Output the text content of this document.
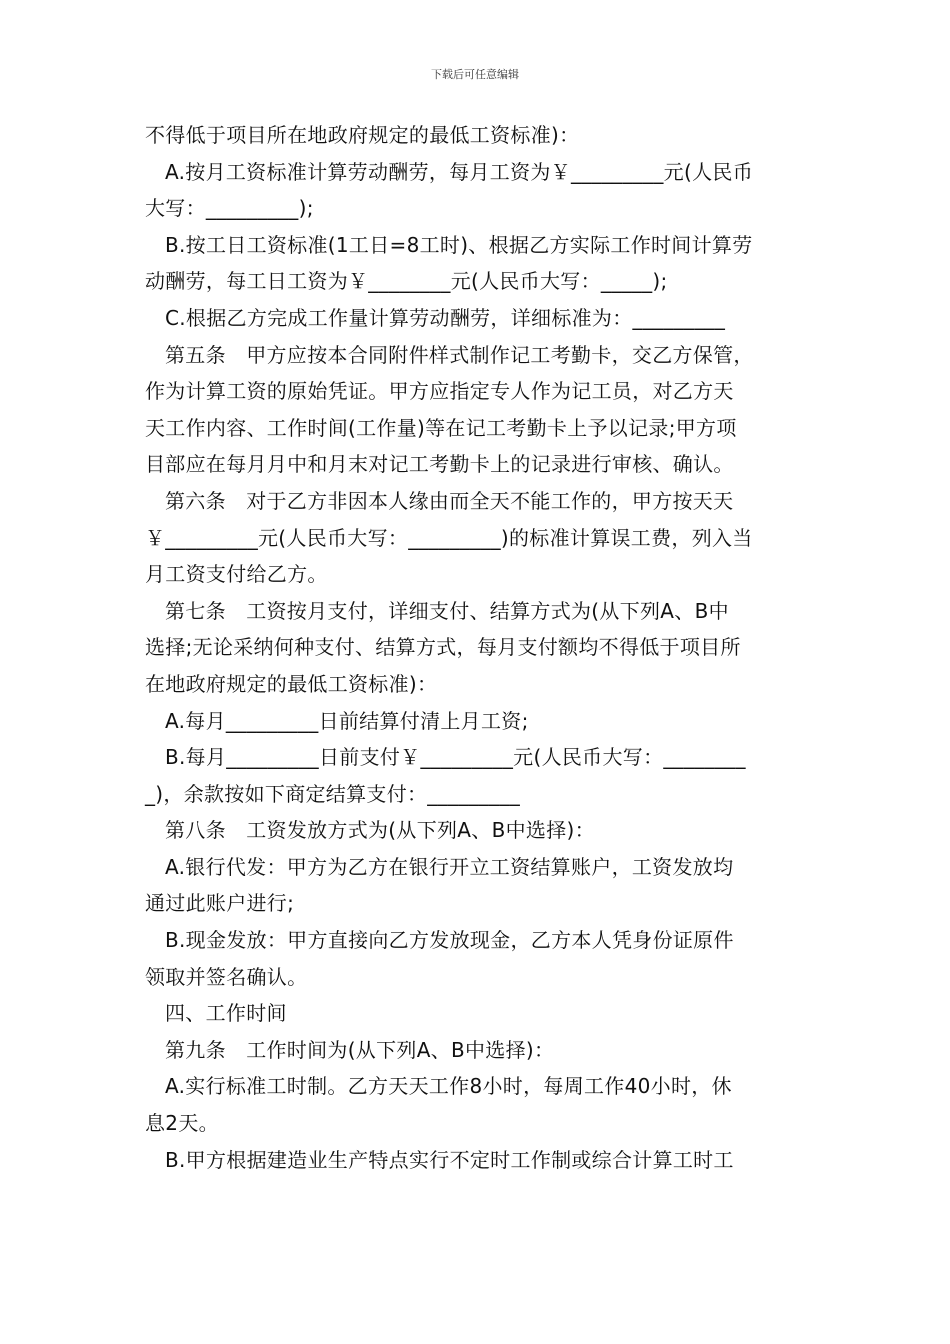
下载后可任意编辑
不得低于项目所在地政府规定的最低工资标准)：
A.按月工资标准计算劳动酬劳，每月工资为￥_________元(人民币
大写：_________);
B.按工日工资标准(1工日=8工时)、根据乙方实际工作时间计算劳
动酬劳，每工日工资为￥________元(人民币大写：_____);
C.根据乙方完成工作量计算劳动酬劳，详细标准为：_________
第五条　甲方应按本合同附件样式制作记工考勤卡，交乙方保管，
作为计算工资的原始凭证。甲方应指定专人作为记工员，对乙方天
天工作内容、工作时间(工作量)等在记工考勤卡上予以记录;甲方项
目部应在每月月中和月末对记工考勤卡上的记录进行审核、确认。
第六条　对于乙方非因本人缘由而全天不能工作的，甲方按天天
￥_________元(人民币大写：_________)的标准计算误工费，列入当
月工资支付给乙方。
第七条　工资按月支付，详细支付、结算方式为(从下列A、B中
选择;无论采纳何种支付、结算方式，每月支付额均不得低于项目所
在地政府规定的最低工资标准)：
A.每月_________日前结算付清上月工资;
B.每月_________日前支付￥_________元(人民币大写：________
_)，余款按如下商定结算支付：_________
第八条　工资发放方式为(从下列A、B中选择)：
A.银行代发：甲方为乙方在银行开立工资结算账户，工资发放均
通过此账户进行;
B.现金发放：甲方直接向乙方发放现金，乙方本人凭身份证原件
领取并签名确认。
四、工作时间
第九条　工作时间为(从下列A、B中选择)：
A.实行标准工时制。乙方天天工作8小时，每周工作40小时，休
息2天。
B.甲方根据建造业生产特点实行不定时工作制或综合计算工时工
